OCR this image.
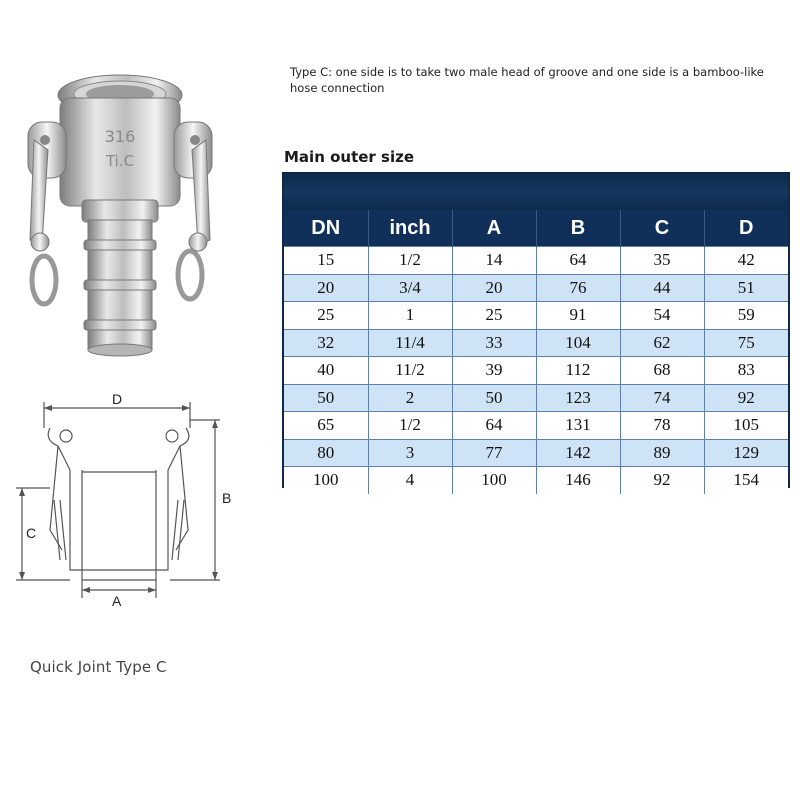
316
Ti.C
D
B
C
A
Quick Joint Type C
Type C: one side is to take two male head of groove and one side is a bamboo-like hose connection
Main outer size
DN	inch	A	B	C	D
15	1/2	14	64	35	42
20	3/4	20	76	44	51
25	1	25	91	54	59
32	11/4	33	104	62	75
40	11/2	39	112	68	83
50	2	50	123	74	92
65	1/2	64	131	78	105
80	3	77	142	89	129
100	4	100	146	92	154
